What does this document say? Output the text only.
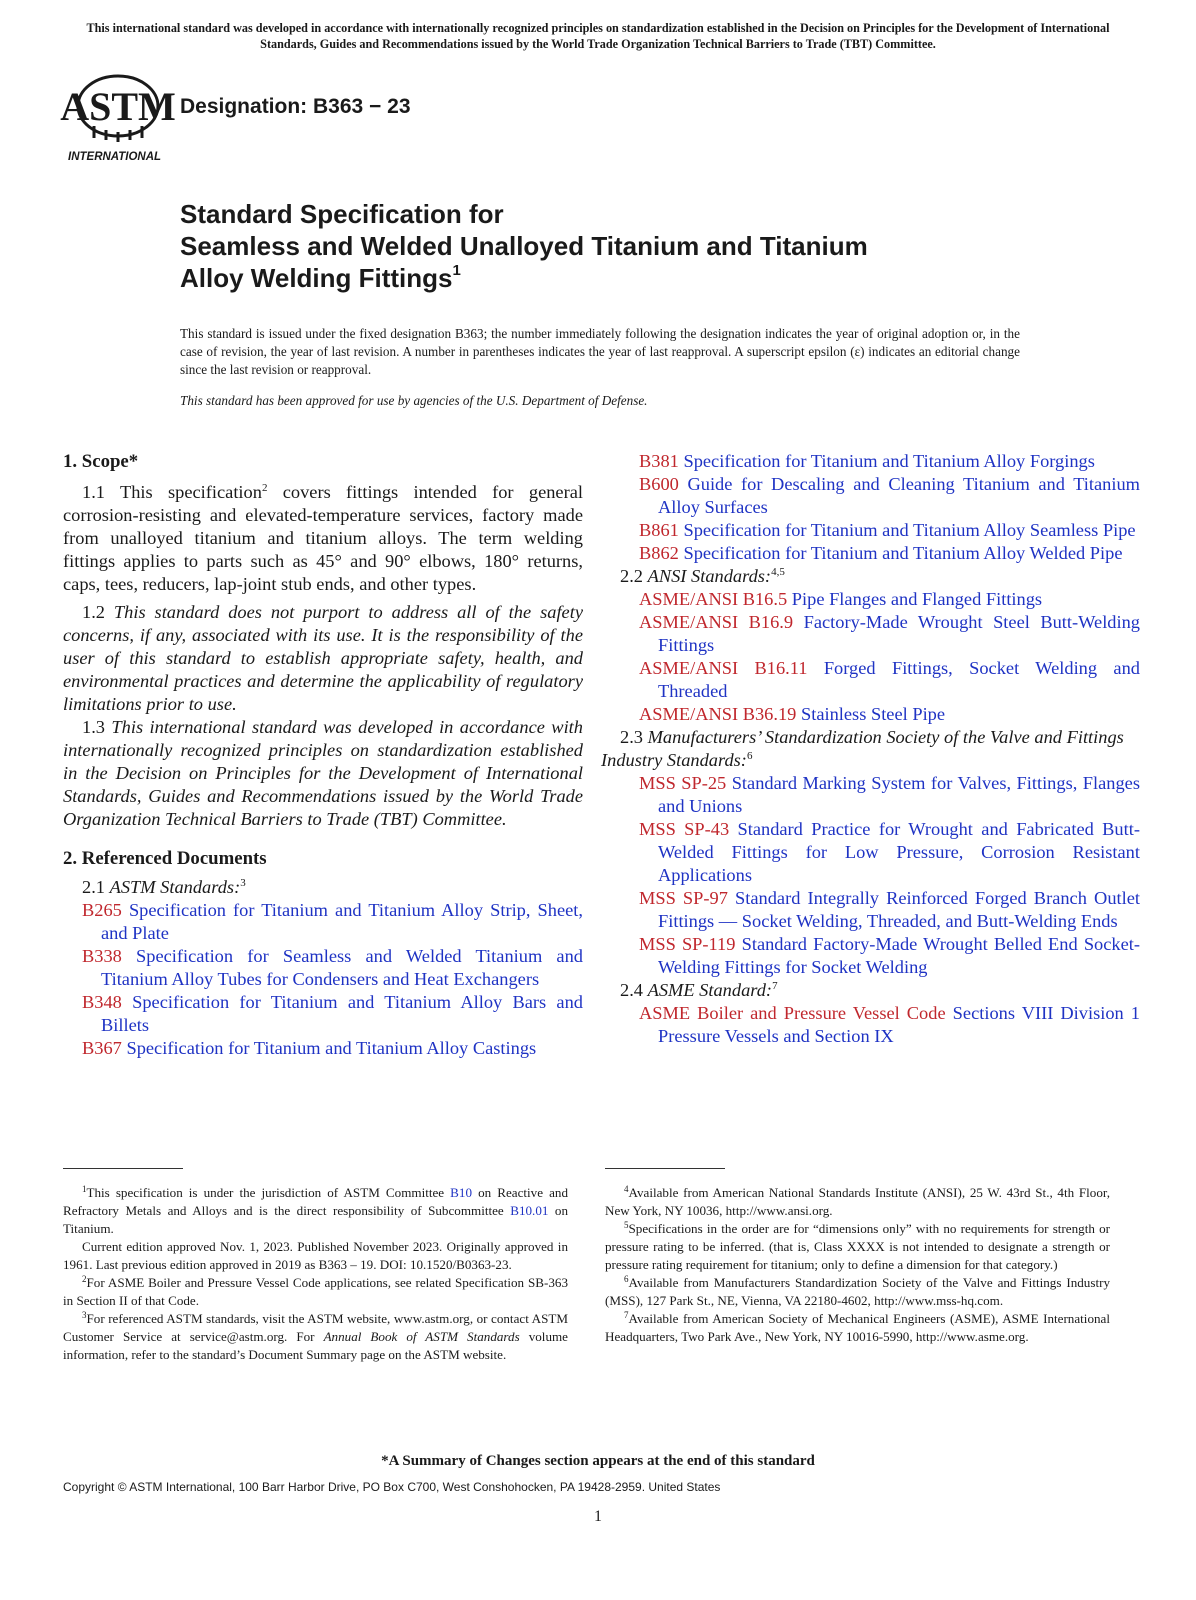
This international standard was developed in accordance with internationally recognized principles on standardization established in the Decision on Principles for the Development of International Standards, Guides and Recommendations issued by the World Trade Organization Technical Barriers to Trade (TBT) Committee.
ASTM
INTERNATIONAL
Designation: B363 − 23
Standard Specification for
Seamless and Welded Unalloyed Titanium and Titanium
Alloy Welding Fittings$^1$
This standard is issued under the fixed designation B363; the number immediately following the designation indicates the year of original adoption or, in the case of revision, the year of last revision. A number in parentheses indicates the year of last reapproval. A superscript epsilon (ε) indicates an editorial change since the last revision or reapproval.
This standard has been approved for use by agencies of the U.S. Department of Defense.

1. Scope*

1.1 This specification$^2$ covers fittings intended for general corrosion-resisting and elevated-temperature services, factory made from unalloyed titanium and titanium alloys. The term welding fittings applies to parts such as 45° and 90° elbows, 180° returns, caps, tees, reducers, lap-joint stub ends, and other types.

1.2 This standard does not purport to address all of the safety concerns, if any, associated with its use. It is the responsibility of the user of this standard to establish appropriate safety, health, and environmental practices and determine the applicability of regulatory limitations prior to use.

1.3 This international standard was developed in accordance with internationally recognized principles on standardization established in the Decision on Principles for the Development of International Standards, Guides and Recommendations issued by the World Trade Organization Technical Barriers to Trade (TBT) Committee.

2. Referenced Documents

2.1 ASTM Standards:$^3$

B265 Specification for Titanium and Titanium Alloy Strip, Sheet, and Plate

B338 Specification for Seamless and Welded Titanium and Titanium Alloy Tubes for Condensers and Heat Exchangers

B348 Specification for Titanium and Titanium Alloy Bars and Billets

B367 Specification for Titanium and Titanium Alloy Castings

B381 Specification for Titanium and Titanium Alloy Forgings

B600 Guide for Descaling and Cleaning Titanium and Titanium Alloy Surfaces

B861 Specification for Titanium and Titanium Alloy Seamless Pipe

B862 Specification for Titanium and Titanium Alloy Welded Pipe

2.2 ANSI Standards:$^{4,5}$

ASME/ANSI B16.5 Pipe Flanges and Flanged Fittings

ASME/ANSI B16.9 Factory-Made Wrought Steel Butt-Welding Fittings

ASME/ANSI B16.11 Forged Fittings, Socket Welding and Threaded

ASME/ANSI B36.19 Stainless Steel Pipe

2.3 Manufacturers’ Standardization Society of the Valve and Fittings Industry Standards:$^6$

MSS SP-25 Standard Marking System for Valves, Fittings, Flanges and Unions

MSS SP-43 Standard Practice for Wrought and Fabricated Butt-Welded Fittings for Low Pressure, Corrosion Resistant Applications

MSS SP-97 Standard Integrally Reinforced Forged Branch Outlet Fittings — Socket Welding, Threaded, and Butt-Welding Ends

MSS SP-119 Standard Factory-Made Wrought Belled End Socket-Welding Fittings for Socket Welding

2.4 ASME Standard:$^7$

ASME Boiler and Pressure Vessel Code Sections VIII Division 1 Pressure Vessels and Section IX

$^1$This specification is under the jurisdiction of ASTM Committee B10 on Reactive and Refractory Metals and Alloys and is the direct responsibility of Subcommittee B10.01 on Titanium.

Current edition approved Nov. 1, 2023. Published November 2023. Originally approved in 1961. Last previous edition approved in 2019 as B363 – 19. DOI: 10.1520/B0363-23.

$^2$For ASME Boiler and Pressure Vessel Code applications, see related Specification SB-363 in Section II of that Code.

$^3$For referenced ASTM standards, visit the ASTM website, www.astm.org, or contact ASTM Customer Service at service@astm.org. For Annual Book of ASTM Standards volume information, refer to the standard’s Document Summary page on the ASTM website.

$^4$Available from American National Standards Institute (ANSI), 25 W. 43rd St., 4th Floor, New York, NY 10036, http://www.ansi.org.

$^5$Specifications in the order are for “dimensions only” with no requirements for strength or pressure rating to be inferred. (that is, Class XXXX is not intended to designate a strength or pressure rating requirement for titanium; only to define a dimension for that category.)

$^6$Available from Manufacturers Standardization Society of the Valve and Fittings Industry (MSS), 127 Park St., NE, Vienna, VA 22180-4602, http://www.mss-hq.com.

$^7$Available from American Society of Mechanical Engineers (ASME), ASME International Headquarters, Two Park Ave., New York, NY 10016-5990, http://www.asme.org.

*A Summary of Changes section appears at the end of this standard
Copyright © ASTM International, 100 Barr Harbor Drive, PO Box C700, West Conshohocken, PA 19428-2959. United States
1
